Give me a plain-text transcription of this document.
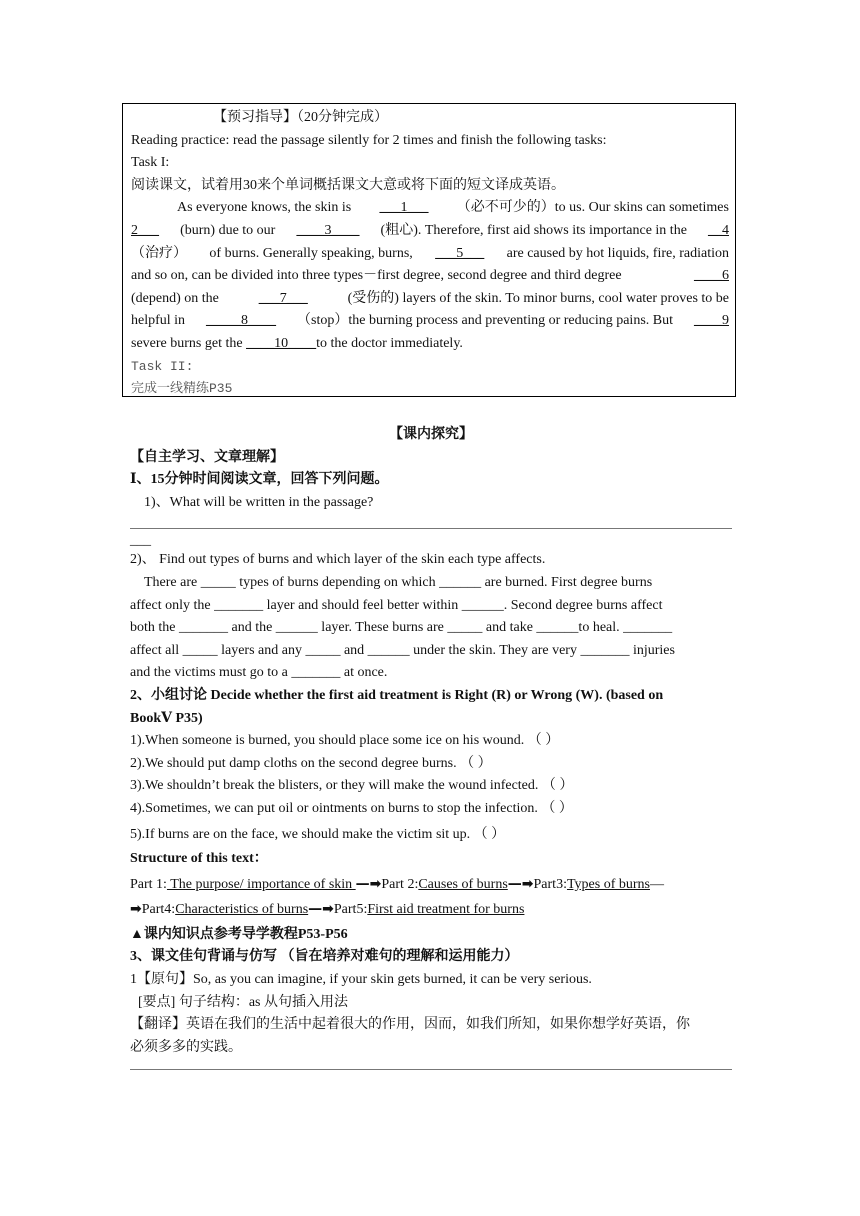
【预习指导】（20分钟完成）
Reading practice: read the passage silently for 2 times and finish the following tasks:
Task I:
阅读课文，试着用30来个单词概括课文大意或将下面的短文译成英语。
As everyone knows, the skin is ___1___ （必不可少的）to us. Our skins can sometimes
2___ (burn) due to our ____3____ (粗心). Therefore, first aid shows its importance in the __4
（治疗） of burns. Generally speaking, burns, ___5___ are caused by hot liquids, fire, radiation
and so on, can be divided into three types－first degree, second degree and third degree	____6
(depend) on the	___7___	(受伤的) layers of the skin. To minor burns, cool water proves to be
helpful in _____8____ （stop）the burning process and preventing or reducing pains. But ____9
severe burns get the ____10____to the doctor immediately.
Task II:
完成一线精练P35
【课内探究】
【自主学习、文章理解】
Ⅰ、15分钟时间阅读文章，回答下列问题。
1)、What will be written in the passage?
___
2)、 Find out types of burns and which layer of the skin each type affects.
There are _____ types of burns depending on which ______ are burned. First degree burns
affect only the _______ layer and should feel better within ______. Second degree burns affect
both the _______ and the ______ layer. These burns are _____ and take ______to heal. _______
affect all _____ layers and any _____ and ______ under the skin. They are very _______ injuries
and the victims must go to a _______ at once.
2、小组讨论 Decide whether the first aid treatment is Right (R) or Wrong (W). (based on
BookⅤ P35)
1).When someone is burned, you should place some ice on his wound. （ ）
2).We should put damp cloths on the second degree burns. （ ）
3).We shouldn’t break the blisters, or they will make the wound infected. （ ）
4).Sometimes, we can put oil or ointments on burns to stop the infection. （ ）
5).If burns are on the face, we should make the victim sit up. （ ）
Structure of this text：
Part 1: The purpose/ importance of skin —➡Part 2:Causes of burns—➡Part3:Types of burns—
➡Part4:Characteristics of burns—➡Part5:First aid treatment for burns
▲课内知识点参考导学教程P53-P56
3、课文佳句背诵与仿写 （旨在培养对难句的理解和运用能力）
1【原句】So, as you can imagine, if your skin gets burned, it can be very serious.
[要点] 句子结构：as 从句插入用法
【翻译】英语在我们的生活中起着很大的作用，因而，如我们所知，如果你想学好英语，你
必须多多的实践。
